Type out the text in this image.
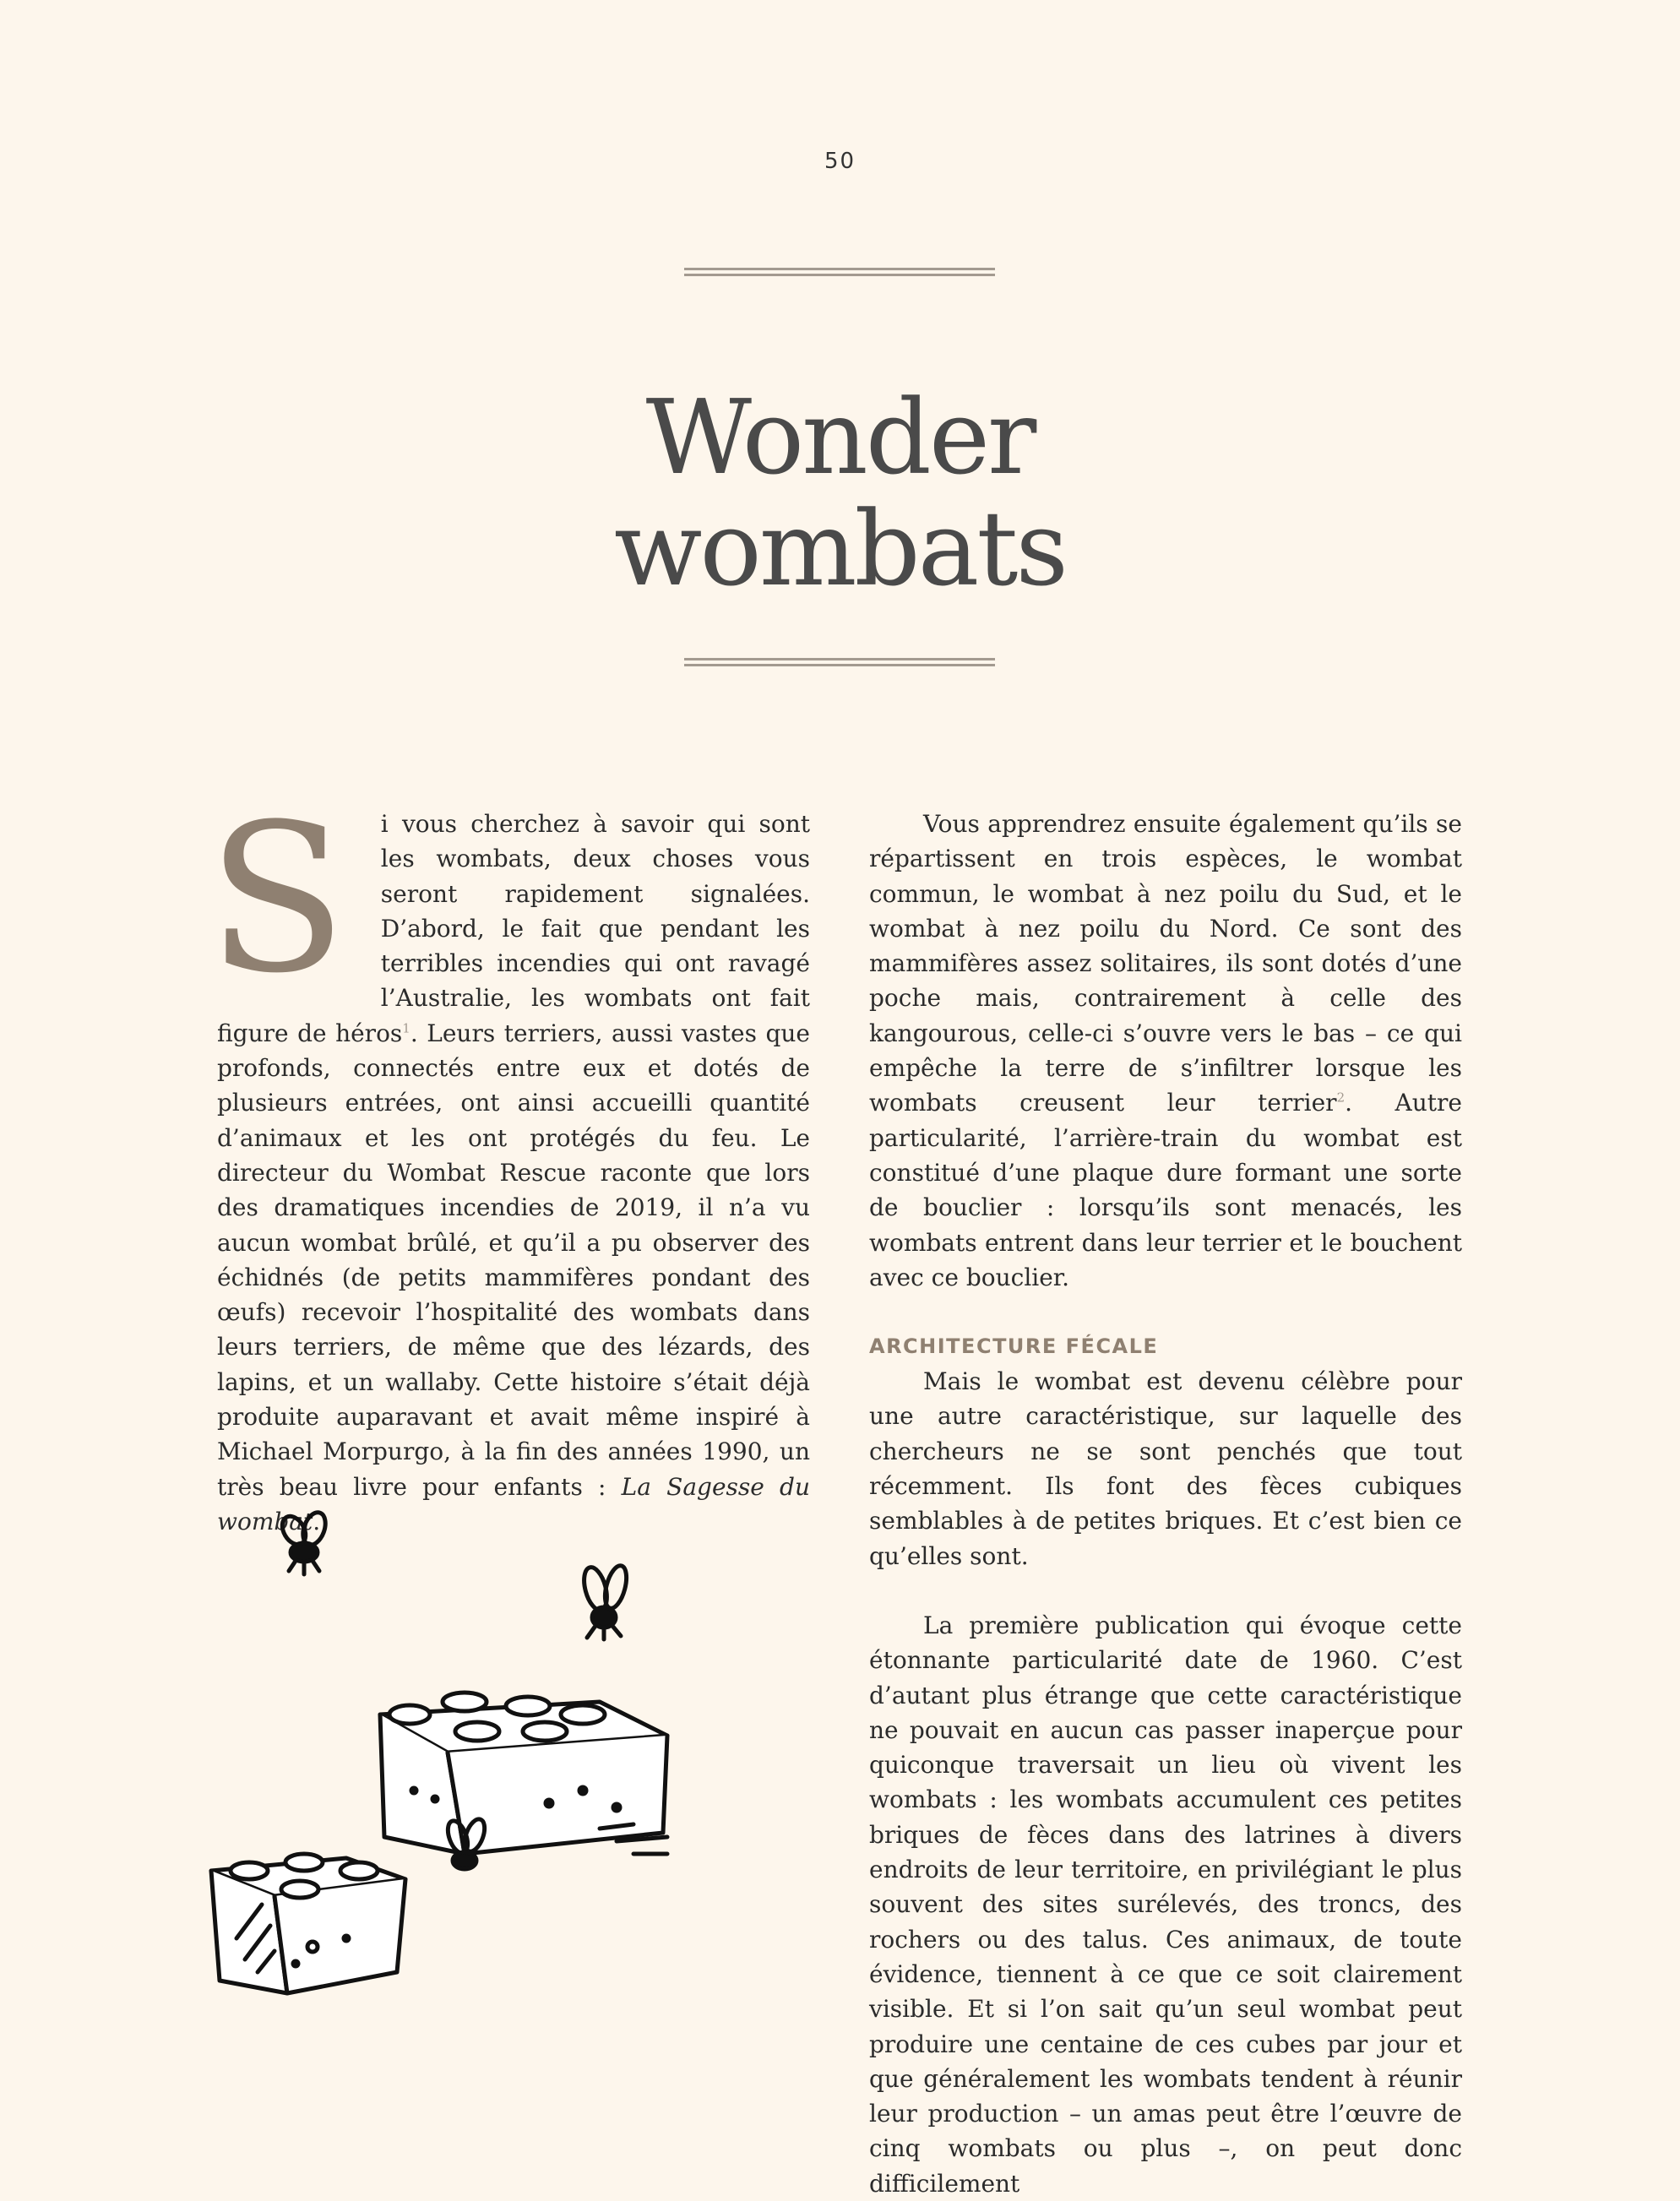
50
Wonder
wombats

S i vous cherchez à savoir qui sont les wombats, deux choses vous seront rapidement signalées. D’abord, le fait que pendant les terribles incendies qui ont ravagé l’Australie, les wombats ont fait figure de héros$^1$. Leurs terriers, aussi vastes que profonds, connectés entre eux et dotés de plusieurs entrées, ont ainsi accueilli quantité d’animaux et les ont protégés du feu. Le directeur du Wombat Rescue raconte que lors des dramatiques incendies de 2019, il n’a vu aucun wombat brûlé, et qu’il a pu observer des échidnés (de petits mammifères pondant des œufs) recevoir l’hospitalité des wombats dans leurs terriers, de même que des lézards, des lapins, et un wallaby. Cette histoire s’était déjà produite auparavant et avait même inspiré à Michael Morpurgo, à la fin des années 1990, un très beau livre pour enfants : La Sagesse du wombat.

Vous apprendrez ensuite également qu’ils se répartissent en trois espèces, le wombat commun, le wombat à nez poilu du Sud, et le wombat à nez poilu du Nord. Ce sont des mammifères assez solitaires, ils sont dotés d’une poche mais, contrairement à celle des kangourous, celle-ci s’ouvre vers le bas – ce qui empêche la terre de s’infiltrer lorsque les wombats creusent leur terrier$^2$. Autre particularité, l’arrière-train du wombat est constitué d’une plaque dure formant une sorte de bouclier : lorsqu’ils sont menacés, les wombats entrent dans leur terrier et le bouchent avec ce bouclier.

ARCHITECTURE FÉCALE

Mais le wombat est devenu célèbre pour une autre caractéristique, sur laquelle des chercheurs ne se sont penchés que tout récemment. Ils font des fèces cubiques semblables à de petites briques. Et c’est bien ce qu’elles sont.

La première publication qui évoque cette étonnante particularité date de 1960. C’est d’autant plus étrange que cette caractéristique ne pouvait en aucun cas passer inaperçue pour quiconque traversait un lieu où vivent les wombats : les wombats accumulent ces petites briques de fèces dans des latrines à divers endroits de leur territoire, en privilégiant le plus souvent des sites surélevés, des troncs, des rochers ou des talus. Ces animaux, de toute évidence, tiennent à ce que ce soit clairement visible. Et si l’on sait qu’un seul wombat peut produire une centaine de ces cubes par jour et que généralement les wombats tendent à réunir leur production – un amas peut être l’œuvre de cinq wombats ou plus –, on peut donc difficilement
